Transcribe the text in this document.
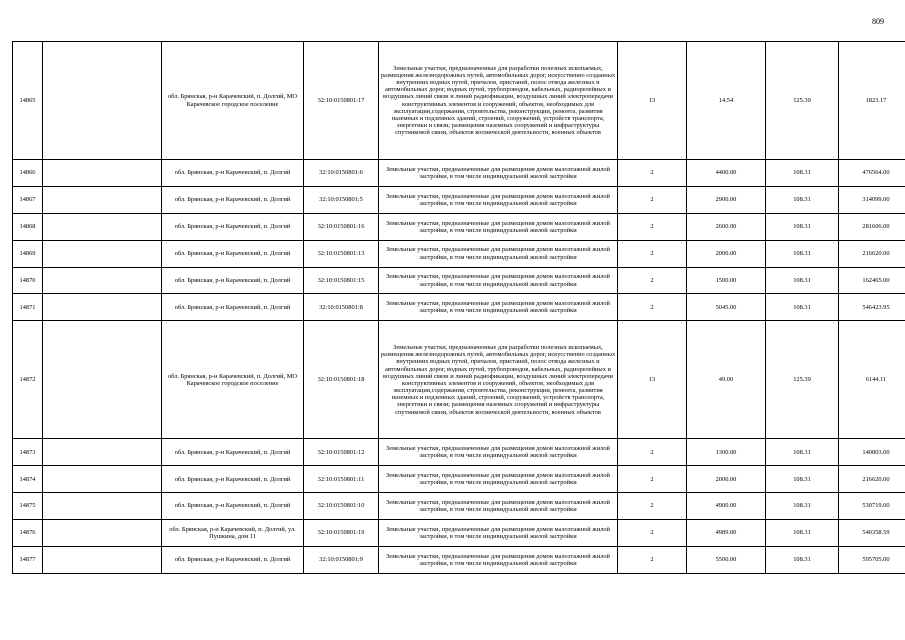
809
14865		обл. Брянская, р-н Карачевский, п. Долгий, МО Карачевское городское поселение	32:10:0150801:17	Земельные участки, предназначенные для разработки полезных ископаемых, размещения железнодорожных путей, автомобильных дорог, искусственно созданных внутренних водных путей, причалов, пристаней, полос отвода железных и автомобильных дорог, водных путей, трубопроводов, кабельных, радиорелейных и воздушных линий связи и линий радиофикации, воздушных линий электропередачи конструктивных элементов и сооружений, объектов, необходимых для эксплуатации,содержания, строительства, реконструкции, ремонта, развития наземных и подземных зданий, строений, сооружений, устройств транспорта, энергетики и связи; размещения наземных сооружений и инфраструктуры спутниковой связи, объектов космической деятельности, военных объектов	13	14.54	125.39	1823.17
14866		обл. Брянская, р-н Карачевский, п. Долгий	32:10:0150801:6	Земельные участки, предназначенные для размещения домов малоэтажной жилой застройки, в том числе индивидуальной жилой застройки	2	4400.00	108.31	476564.00
14867		обл. Брянская, р-н Карачевский, п. Долгий	32:10:0150801:5	Земельные участки, предназначенные для размещения домов малоэтажной жилой застройки, в том числе индивидуальной жилой застройки	2	2900.00	108.31	314099.00
14868		обл. Брянская, р-н Карачевский, п. Долгий	32:10:0150801:16	Земельные участки, предназначенные для размещения домов малоэтажной жилой застройки, в том числе индивидуальной жилой застройки	2	2600.00	108.31	281606.00
14869		обл. Брянская, р-н Карачевский, п. Долгий	32:10:0150801:13	Земельные участки, предназначенные для размещения домов малоэтажной жилой застройки, в том числе индивидуальной жилой застройки	2	2000.00	108.31	216620.00
14870		обл. Брянская, р-н Карачевский, п. Долгий	32:10:0150801:15	Земельные участки, предназначенные для размещения домов малоэтажной жилой застройки, в том числе индивидуальной жилой застройки	2	1500.00	108.31	162465.00
14871		обл. Брянская, р-н Карачевский, п. Долгий	32:10:0150801:8	Земельные участки, предназначенные для размещения домов малоэтажной жилой застройки, в том числе индивидуальной жилой застройки	2	5045.00	108.31	546423.95
14872		обл. Брянская, р-н Карачевский, п. Долгий, МО Карачевское городское поселение	32:10:0150801:18	Земельные участки, предназначенные для разработки полезных ископаемых, размещения железнодорожных путей, автомобильных дорог, искусственно созданных внутренних водных путей, причалов, пристаней, полос отвода железных и автомобильных дорог, водных путей, трубопроводов, кабельных, радиорелейных и воздушных линий связи и линий радиофикации, воздушных линий электропередачи конструктивных элементов и сооружений, объектов, необходимых для эксплуатации,содержания, строительства, реконструкции, ремонта, развития наземных и подземных зданий, строений, сооружений, устройств транспорта, энергетики и связи; размещения наземных сооружений и инфраструктуры спутниковой связи, объектов космической деятельности, военных объектов	13	49.00	125.39	6144.11
14873		обл. Брянская, р-н Карачевский, п. Долгий	32:10:0150801:12	Земельные участки, предназначенные для размещения домов малоэтажной жилой застройки, в том числе индивидуальной жилой застройки	2	1300.00	108.31	140803.00
14874		обл. Брянская, р-н Карачевский, п. Долгий	32:10:0150801:11	Земельные участки, предназначенные для размещения домов малоэтажной жилой застройки, в том числе индивидуальной жилой застройки	2	2000.00	108.31	216620.00
14875		обл. Брянская, р-н Карачевский, п. Долгий	32:10:0150801:10	Земельные участки, предназначенные для размещения домов малоэтажной жилой застройки, в том числе индивидуальной жилой застройки	2	4900.00	108.31	530719.00
14876		обл. Брянская, р-н Карачевский, п. Долгий, ул. Пушкина, дом 11	32:10:0150801:19	Земельные участки, предназначенные для размещения домов малоэтажной жилой застройки, в том числе индивидуальной жилой застройки	2	4989.00	108.31	540358.59
14877		обл. Брянская, р-н Карачевский, п. Долгий	32:10:0150801:9	Земельные участки, предназначенные для размещения домов малоэтажной жилой застройки, в том числе индивидуальной жилой застройки	2	5500.00	108.31	595705.00
